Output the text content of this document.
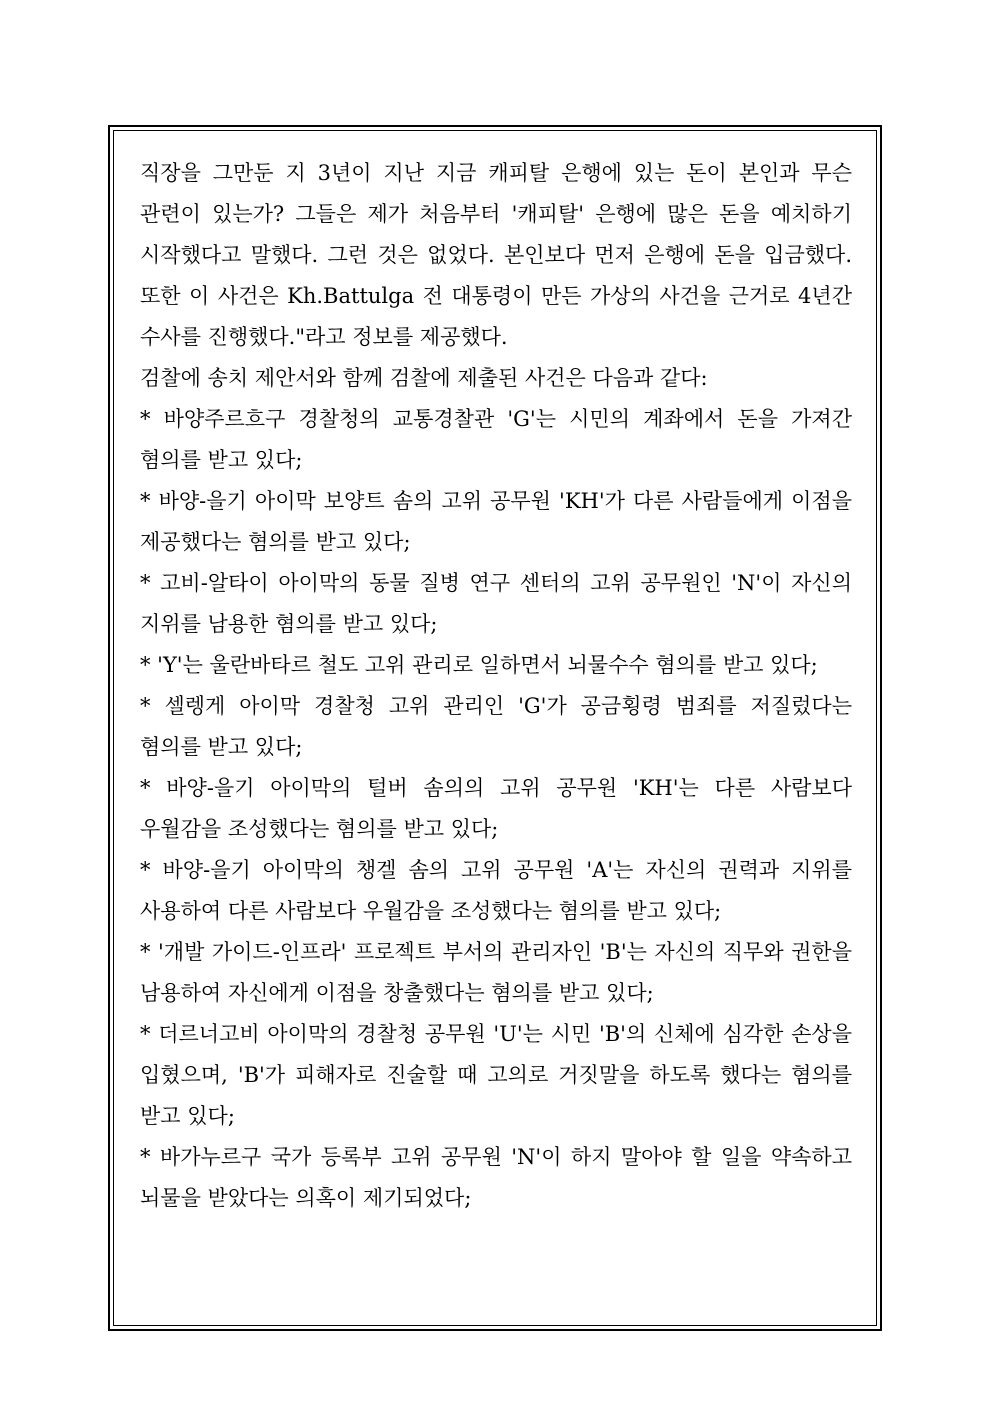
직장을 그만둔 지 3년이 지난 지금 캐피탈 은행에 있는 돈이 본인과 무슨 관련이 있는가? 그들은 제가 처음부터 '캐피탈' 은행에 많은 돈을 예치하기 시작했다고 말했다. 그런 것은 없었다. 본인보다 먼저 은행에 돈을 입금했다. 또한 이 사건은 Kh.Battulga 전 대통령이 만든 가상의 사건을 근거로 4년간 수사를 진행했다."라고 정보를 제공했다.

검찰에 송치 제안서와 함께 검찰에 제출된 사건은 다음과 같다:

* 바양주르흐구 경찰청의 교통경찰관 'G'는 시민의 계좌에서 돈을 가져간 혐의를 받고 있다;

* 바양-을기 아이막 보양트 솜의 고위 공무원 'KH'가 다른 사람들에게 이점을 제공했다는 혐의를 받고 있다;

* 고비-알타이 아이막의 동물 질병 연구 센터의 고위 공무원인 'N'이 자신의 지위를 남용한 혐의를 받고 있다;

* 'Y'는 울란바타르 철도 고위 관리로 일하면서 뇌물수수 혐의를 받고 있다;

* 셀렝게 아이막 경찰청 고위 관리인 'G'가 공금횡령 범죄를 저질렀다는 혐의를 받고 있다;

* 바양-을기 아이막의 털버 솜의의 고위 공무원 'KH'는 다른 사람보다 우월감을 조성했다는 혐의를 받고 있다;

* 바양-을기 아이막의 챙겔 솜의 고위 공무원 'A'는 자신의 권력과 지위를 사용하여 다른 사람보다 우월감을 조성했다는 혐의를 받고 있다;

* '개발 가이드-인프라' 프로젝트 부서의 관리자인 'B'는 자신의 직무와 권한을 남용하여 자신에게 이점을 창출했다는 혐의를 받고 있다;

* 더르너고비 아이막의 경찰청 공무원 'U'는 시민 'B'의 신체에 심각한 손상을 입혔으며, 'B'가 피해자로 진술할 때 고의로 거짓말을 하도록 했다는 혐의를 받고 있다;

* 바가누르구 국가 등록부 고위 공무원 'N'이 하지 말아야 할 일을 약속하고 뇌물을 받았다는 의혹이 제기되었다;
